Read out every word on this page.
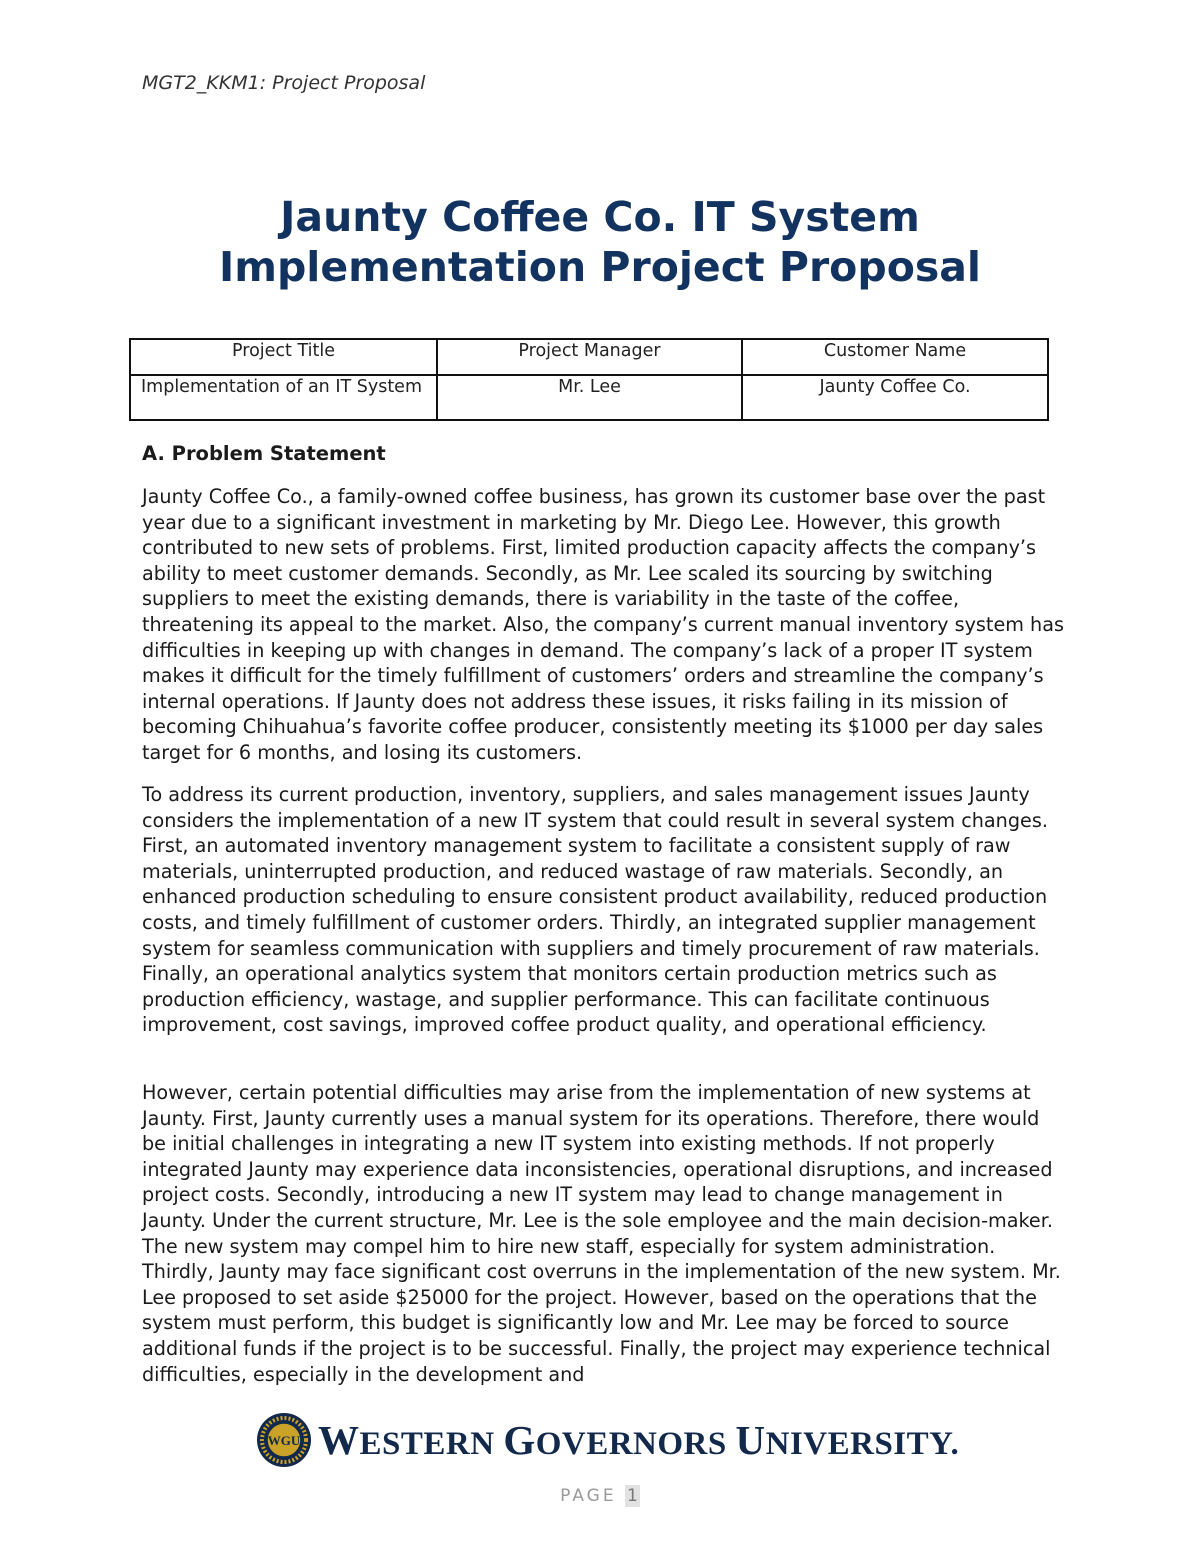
MGT2_KKM1: Project Proposal
Jaunty Coffee Co. IT System
Implementation Project Proposal
Project Title	Project Manager	Customer Name
Implementation of an IT System	Mr. Lee	Jaunty Coffee Co.
A. Problem Statement

Jaunty Coffee Co., a family-owned coffee business, has grown its customer base over the past year due to a significant investment in marketing by Mr. Diego Lee. However, this growth contributed to new sets of problems. First, limited production capacity affects the company’s ability to meet customer demands. Secondly, as Mr. Lee scaled its sourcing by switching suppliers to meet the existing demands, there is variability in the taste of the coffee, threatening its appeal to the market. Also, the company’s current manual inventory system has difficulties in keeping up with changes in demand. The company’s lack of a proper IT system makes it difficult for the timely fulfillment of customers’ orders and streamline the company’s internal operations. If Jaunty does not address these issues, it risks failing in its mission of becoming Chihuahua’s favorite coffee producer, consistently meeting its $1000 per day sales target for 6 months, and losing its customers.

To address its current production, inventory, suppliers, and sales management issues Jaunty considers the implementation of a new IT system that could result in several system changes. First, an automated inventory management system to facilitate a consistent supply of raw materials, uninterrupted production, and reduced wastage of raw materials. Secondly, an enhanced production scheduling to ensure consistent product availability, reduced production costs, and timely fulfillment of customer orders. Thirdly, an integrated supplier management system for seamless communication with suppliers and timely procurement of raw materials. Finally, an operational analytics system that monitors certain production metrics such as production efficiency, wastage, and supplier performance. This can facilitate continuous improvement, cost savings, improved coffee product quality, and operational efficiency.

However, certain potential difficulties may arise from the implementation of new systems at Jaunty. First, Jaunty currently uses a manual system for its operations. Therefore, there would be initial challenges in integrating a new IT system into existing methods. If not properly integrated Jaunty may experience data inconsistencies, operational disruptions, and increased project costs. Secondly, introducing a new IT system may lead to change management in Jaunty. Under the current structure, Mr. Lee is the sole employee and the main decision-maker. The new system may compel him to hire new staff, especially for system administration. Thirdly, Jaunty may face significant cost overruns in the implementation of the new system. Mr. Lee proposed to set aside $25000 for the project. However, based on the operations that the system must perform, this budget is significantly low and Mr. Lee may be forced to source additional funds if the project is to be successful. Finally, the project may experience technical difficulties, especially in the development and

WGU WESTERN GOVERNORS UNIVERSITY.
PAGE 1
